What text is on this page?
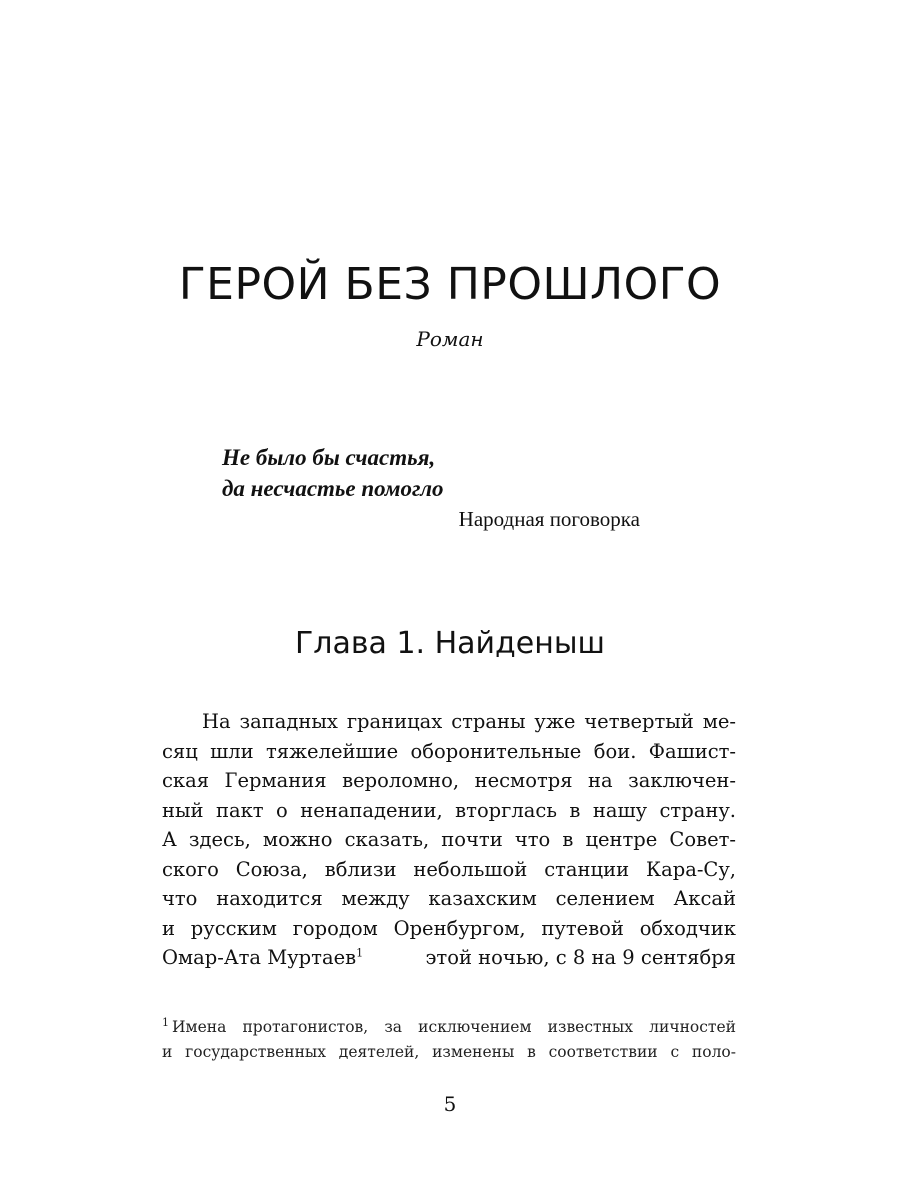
ГЕРОЙ БЕЗ ПРОШЛОГО
Роман
Не было бы счастья,
да несчастье помогло
Народная поговорка
Глава 1. Найденыш
На западных границах страны уже четвертый ме-
сяц шли тяжелейшие оборонительные бои. Фашист-
ская Германия вероломно, несмотря на заключен-
ный пакт о ненападении, вторглась в нашу страну.
А здесь, можно сказать, почти что в центре Совет-
ского Союза, вблизи небольшой станции Кара-Су,
что находится между казахским селением Аксай
и русским городом Оренбургом, путевой обходчик
Омар-Ата Муртаев$^1$	этой ночью, с 8 на 9 сентября
$^1$ Имена протагонистов, за исключением известных личностей
и государственных деятелей, изменены в соответствии с поло-
5
